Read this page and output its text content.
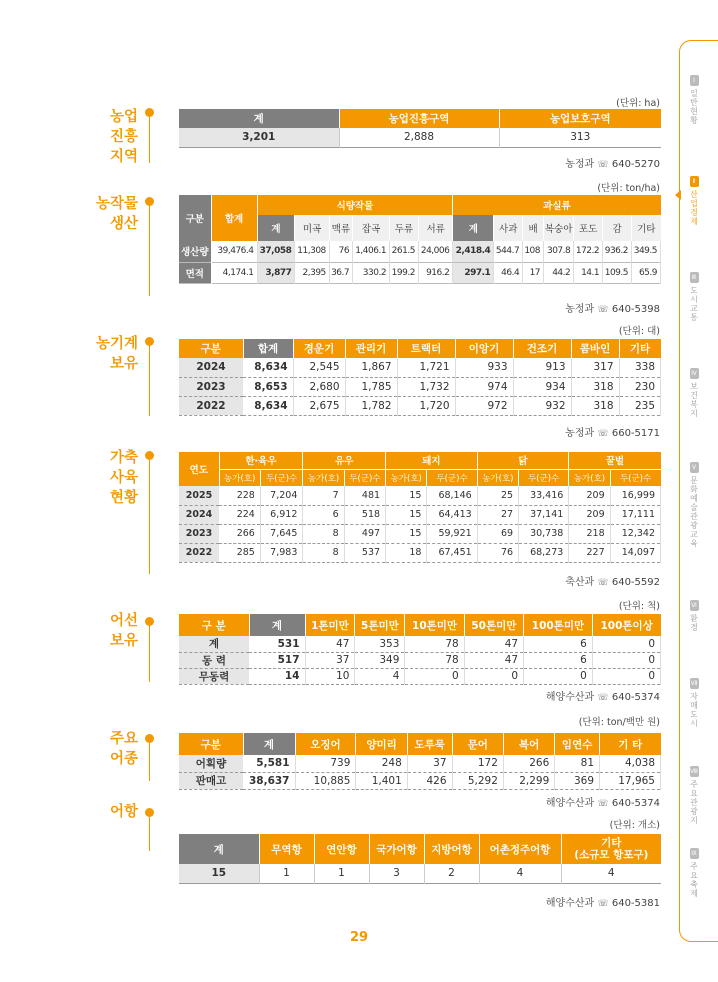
Ⅰ
일
반
현
황
Ⅱ
산
업
경
제
Ⅲ
도
시
교
통
Ⅳ
보
건
복
지
Ⅴ
문
화
예
술
관
광
교
육
Ⅵ
환
경
Ⅶ
자
매
도
시
Ⅷ
주
요
관
광
지
Ⅸ
주
요
축
제
농업
진흥
지역
(단위: ha)
계	농업진흥구역	농업보호구역
3,201	2,888	313
농정과 ☏ 640-5270
농작물
생산
(단위: ton/ha)
구분	합계	식량작물						과실류						
		계	미곡	맥류	잡곡	두류	서류	계	사과	배	복숭아	포도	감	기타
생산량	39,476.4	37,058	11,308	76	1,406.1	261.5	24,006	2,418.4	544.7	108	307.8	172.2	936.2	349.5
면적	4,174.1	3,877	2,395	36.7	330.2	199.2	916.2	297.1	46.4	17	44.2	14.1	109.5	65.9
농정과 ☏ 640-5398
농기계
보유
(단위: 대)
구분	합계	경운기	관리기	트랙터	이앙기	건조기	콤바인	기타
2024	8,634	2,545	1,867	1,721	933	913	317	338
2023	8,653	2,680	1,785	1,732	974	934	318	230
2022	8,634	2,675	1,782	1,720	972	932	318	235
농정과 ☏ 660-5171
가축
사육
현황
연도	한·육우		유우		돼지		닭		꿀벌	
	농가(호)	두(군)수	농가(호)	두(군)수	농가(호)	두(군)수	농가(호)	두(군)수	농가(호)	두(군)수
2025	228	7,204	7	481	15	68,146	25	33,416	209	16,999
2024	224	6,912	6	518	15	64,413	27	37,141	209	17,111
2023	266	7,645	8	497	15	59,921	69	30,738	218	12,342
2022	285	7,983	8	537	18	67,451	76	68,273	227	14,097
축산과 ☏ 640-5592
어선
보유
(단위: 척)
구 분	계	1톤미만	5톤미만	10톤미만	50톤미만	100톤미만	100톤이상
계	531	47	353	78	47	6	0
동 력	517	37	349	78	47	6	0
무동력	14	10	4	0	0	0	0
해양수산과 ☏ 640-5374
주요
어종
(단위: ton/백만 원)
구분	계	오징어	양미리	도루묵	문어	복어	임연수	기 타
어획량	5,581	739	248	37	172	266	81	4,038
판매고	38,637	10,885	1,401	426	5,292	2,299	369	17,965
해양수산과 ☏ 640-5374
어항
(단위: 개소)
계	무역항	연안항	국가어항	지방어항	어촌정주어항	기타
(소규모 항포구)

15	1	1	3	2	4	4
해양수산과 ☏ 640-5381
29
